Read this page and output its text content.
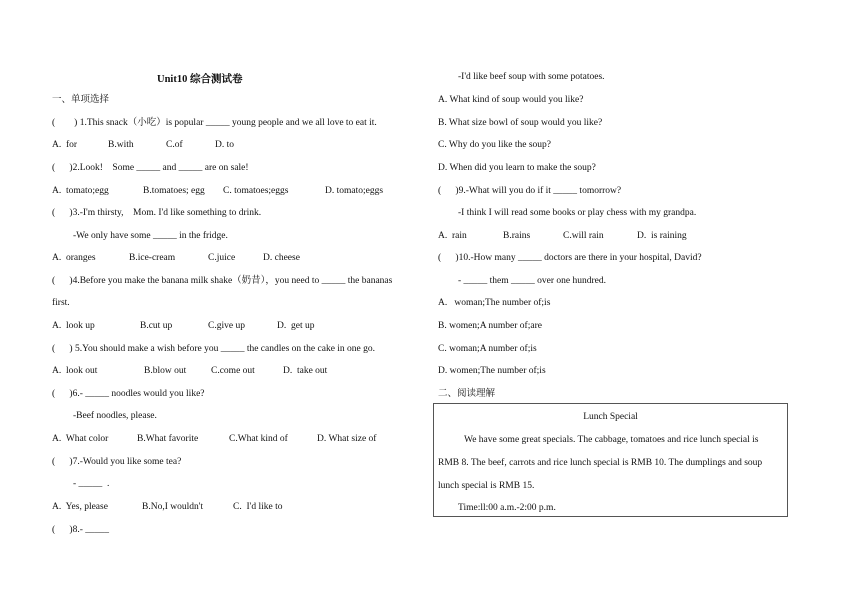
Unit10 综合测试卷
一、单项选择
(        ) 1.This snack（小吃）is popular _____ young people and we all love to eat it.
A.  for	B.with	C.of	D. to
(      )2.Look!    Some _____ and _____ are on sale!
A.  tomato;egg	B.tomatoes; egg C. tomatoes;eggs	D. tomato;eggs
(      )3.-I'm thirsty,    Mom. I'd like something to drink.
-We only have some _____ in the fridge.
A.  oranges	B.ice-cream	C.juice	D. cheese
(      )4.Before you make the banana milk shake（奶昔），you need to _____ the bananas
first.
A.  look up	B.cut up	C.give up	D.  get up
(      ) 5.You should make a wish before you _____ the candles on the cake in one go.
A.  look out	B.blow out	C.come out	D.  take out
(      )6.- _____ noodles would you like?
-Beef noodles, please.
A.  What color	B.What favorite	C.What kind of	D. What size of
(      )7.-Would you like some tea?
- _____  .
A.  Yes, please	B.No,I wouldn't	C.  I'd like to
(      )8.- _____
-I'd like beef soup with some potatoes.
A. What kind of soup would you like?
B. What size bowl of soup would you like?
C. Why do you like the soup?
D. When did you learn to make the soup?
(      )9.-What will you do if it _____ tomorrow?
-I think I will read some books or play chess with my grandpa.
A.  rain	B.rains	C.will rain	D.  is raining
(      )10.-How many _____ doctors are there in your hospital, David?
- _____ them _____ over one hundred.
A.   woman;The number of;is
B. women;A number of;are
C. woman;A number of;is
D. women;The number of;is
二、阅读理解
Lunch Special
We have some great specials. The cabbage, tomatoes and rice lunch special is
RMB 8. The beef, carrots and rice lunch special is RMB 10. The dumplings and soup
lunch special is RMB 15.
Time:ll:00 a.m.-2:00 p.m.
